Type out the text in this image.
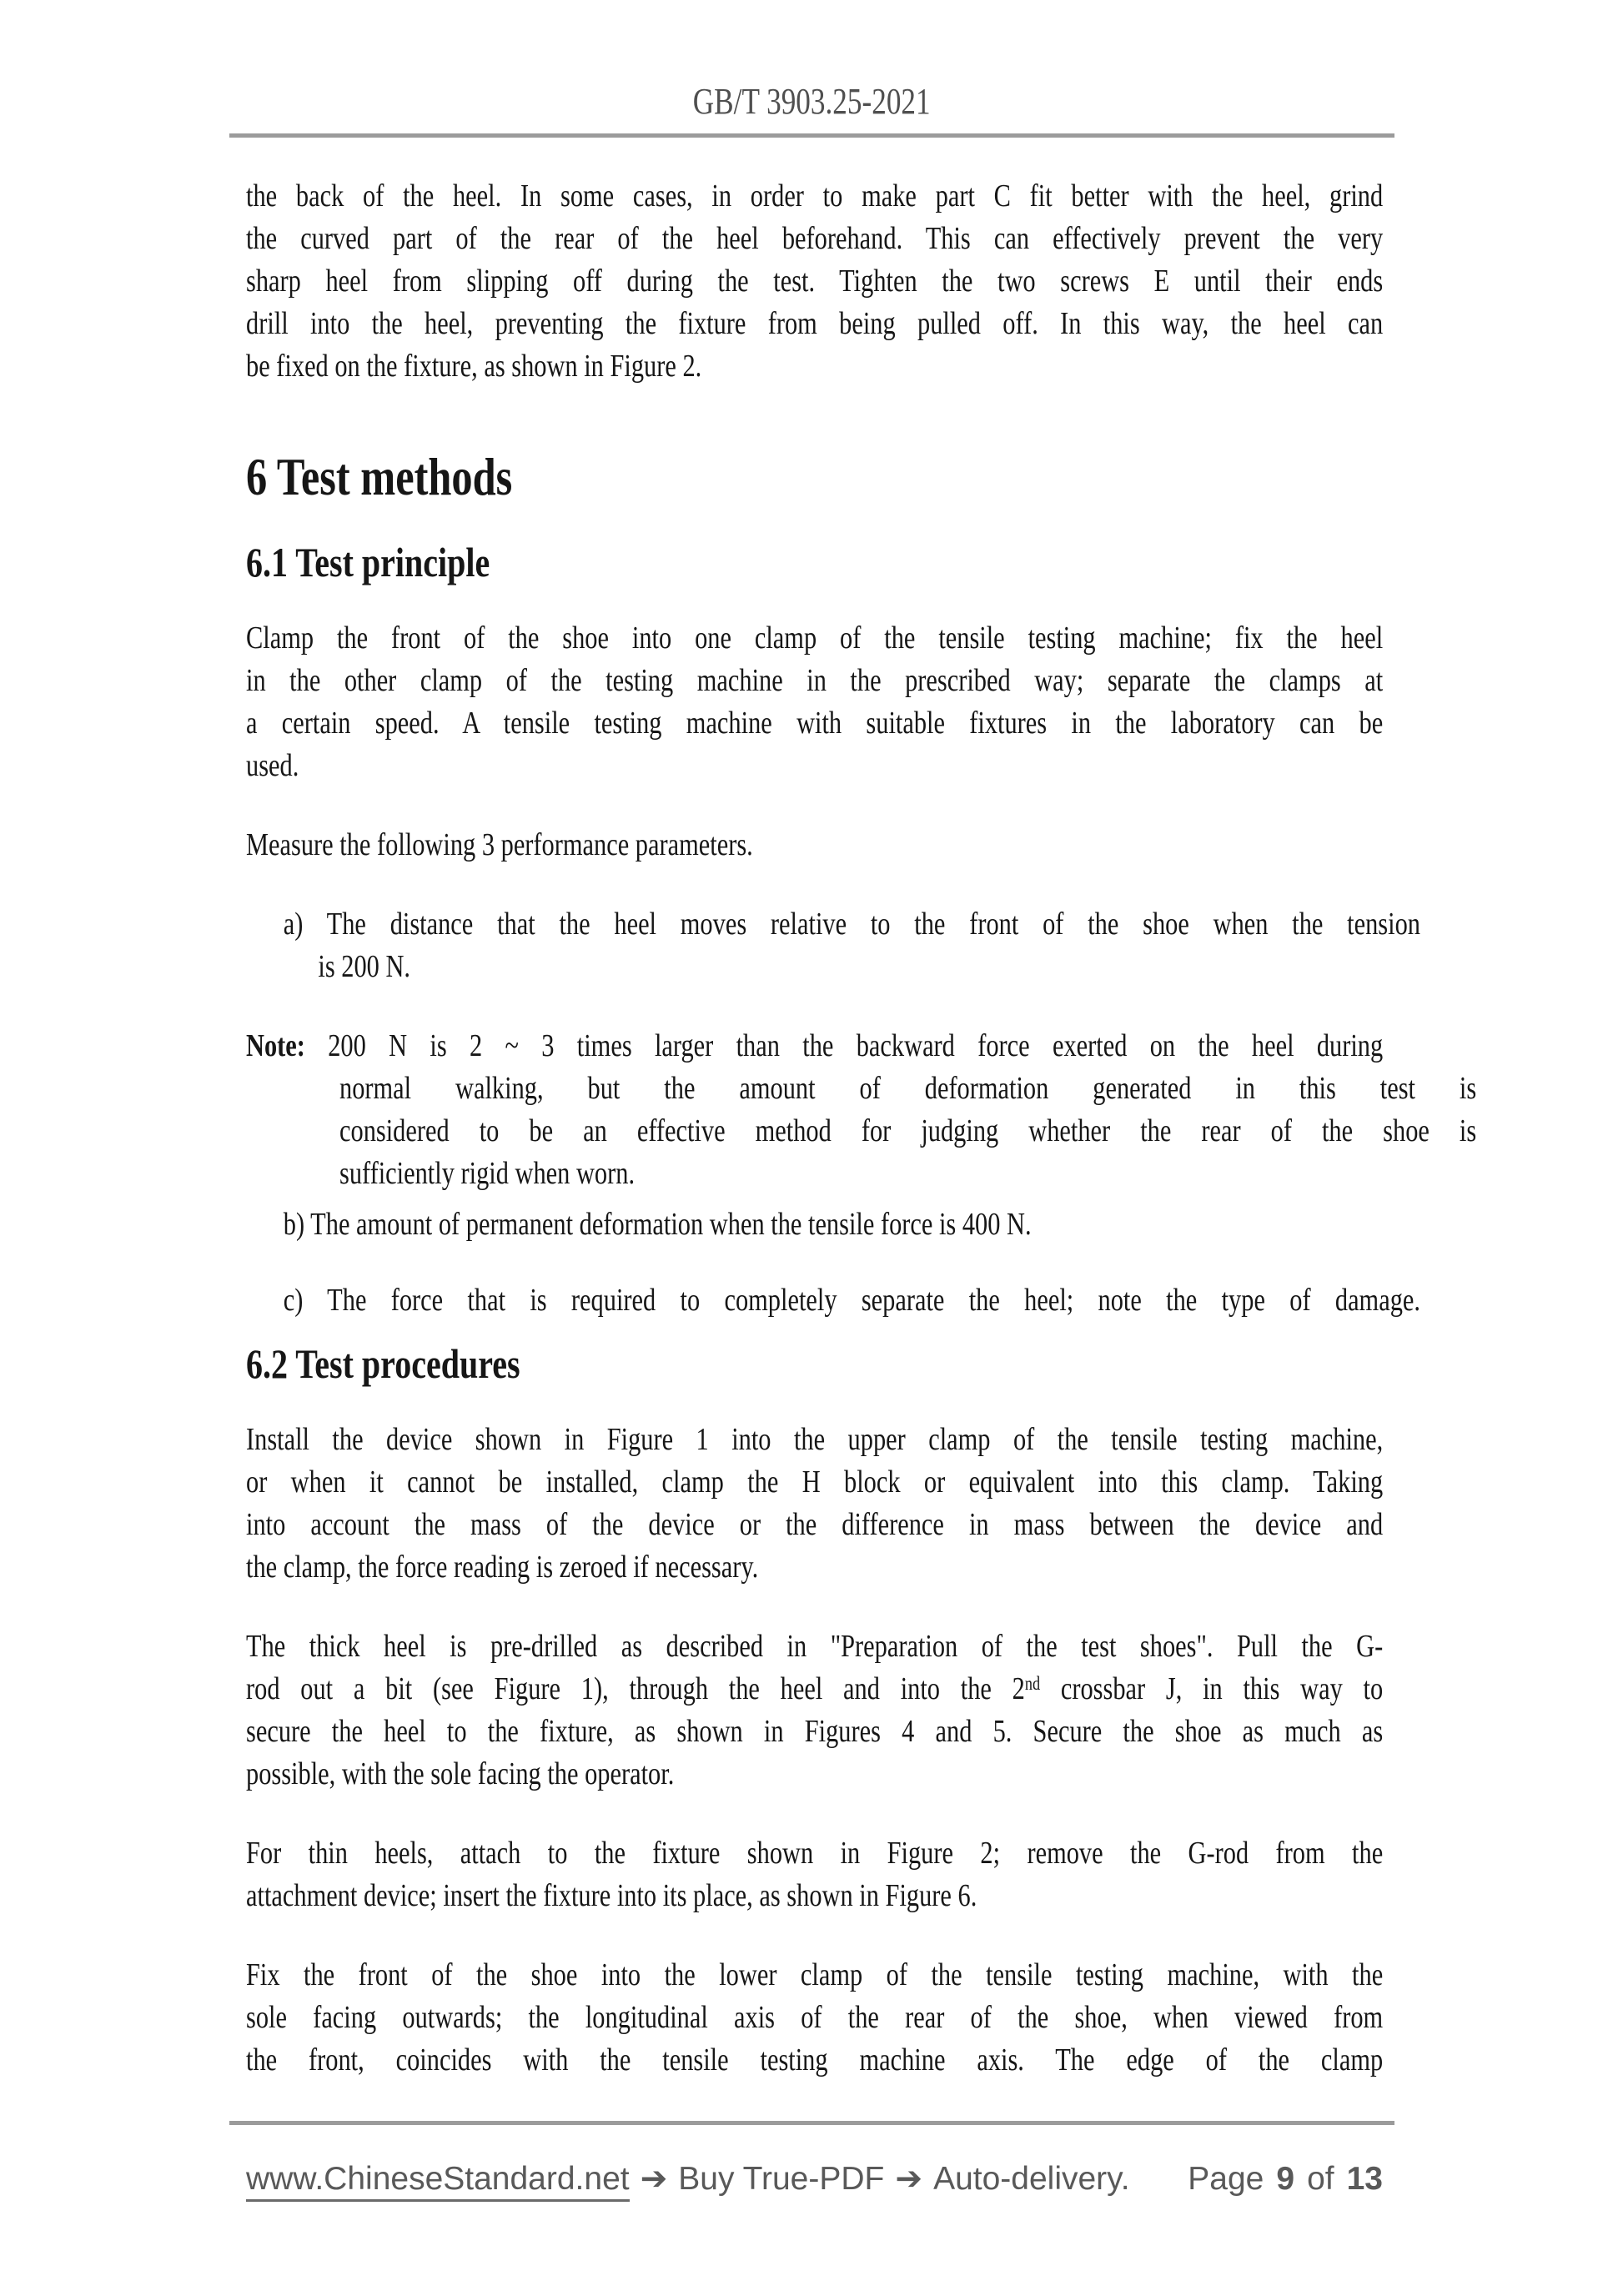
GB/T 3903.25-2021
the back of the heel. In some cases, in order to make part C fit better with the heel, grind
the curved part of the rear of the heel beforehand. This can effectively prevent the very
sharp heel from slipping off during the test. Tighten the two screws E until their ends
drill into the heel, preventing the fixture from being pulled off. In this way, the heel can
be fixed on the fixture, as shown in Figure 2.
6 Test methods
6.1 Test principle
Clamp the front of the shoe into one clamp of the tensile testing machine; fix the heel
in the other clamp of the testing machine in the prescribed way; separate the clamps at
a certain speed. A tensile testing machine with suitable fixtures in the laboratory can be
used.
Measure the following 3 performance parameters.
a) The distance that the heel moves relative to the front of the shoe when the tension
is 200 N.
Note: 200 N is 2 ~ 3 times larger than the backward force exerted on the heel during
normal walking, but the amount of deformation generated in this test is
considered to be an effective method for judging whether the rear of the shoe is
sufficiently rigid when worn.
b) The amount of permanent deformation when the tensile force is 400 N.
c) The force that is required to completely separate the heel; note the type of damage.
6.2 Test procedures
Install the device shown in Figure 1 into the upper clamp of the tensile testing machine,
or when it cannot be installed, clamp the H block or equivalent into this clamp. Taking
into account the mass of the device or the difference in mass between the device and
the clamp, the force reading is zeroed if necessary.
The thick heel is pre-drilled as described in "Preparation of the test shoes". Pull the G-
rod out a bit (see Figure 1), through the heel and into the 2nd crossbar J, in this way to
secure the heel to the fixture, as shown in Figures 4 and 5. Secure the shoe as much as
possible, with the sole facing the operator.
For thin heels, attach to the fixture shown in Figure 2; remove the G-rod from the
attachment device; insert the fixture into its place, as shown in Figure 6.
Fix the front of the shoe into the lower clamp of the tensile testing machine, with the
sole facing outwards; the longitudinal axis of the rear of the shoe, when viewed from
the front, coincides with the tensile testing machine axis. The edge of the clamp
www.ChineseStandard.net ➔ Buy True-PDF ➔ Auto-delivery. Page 9 of 13
